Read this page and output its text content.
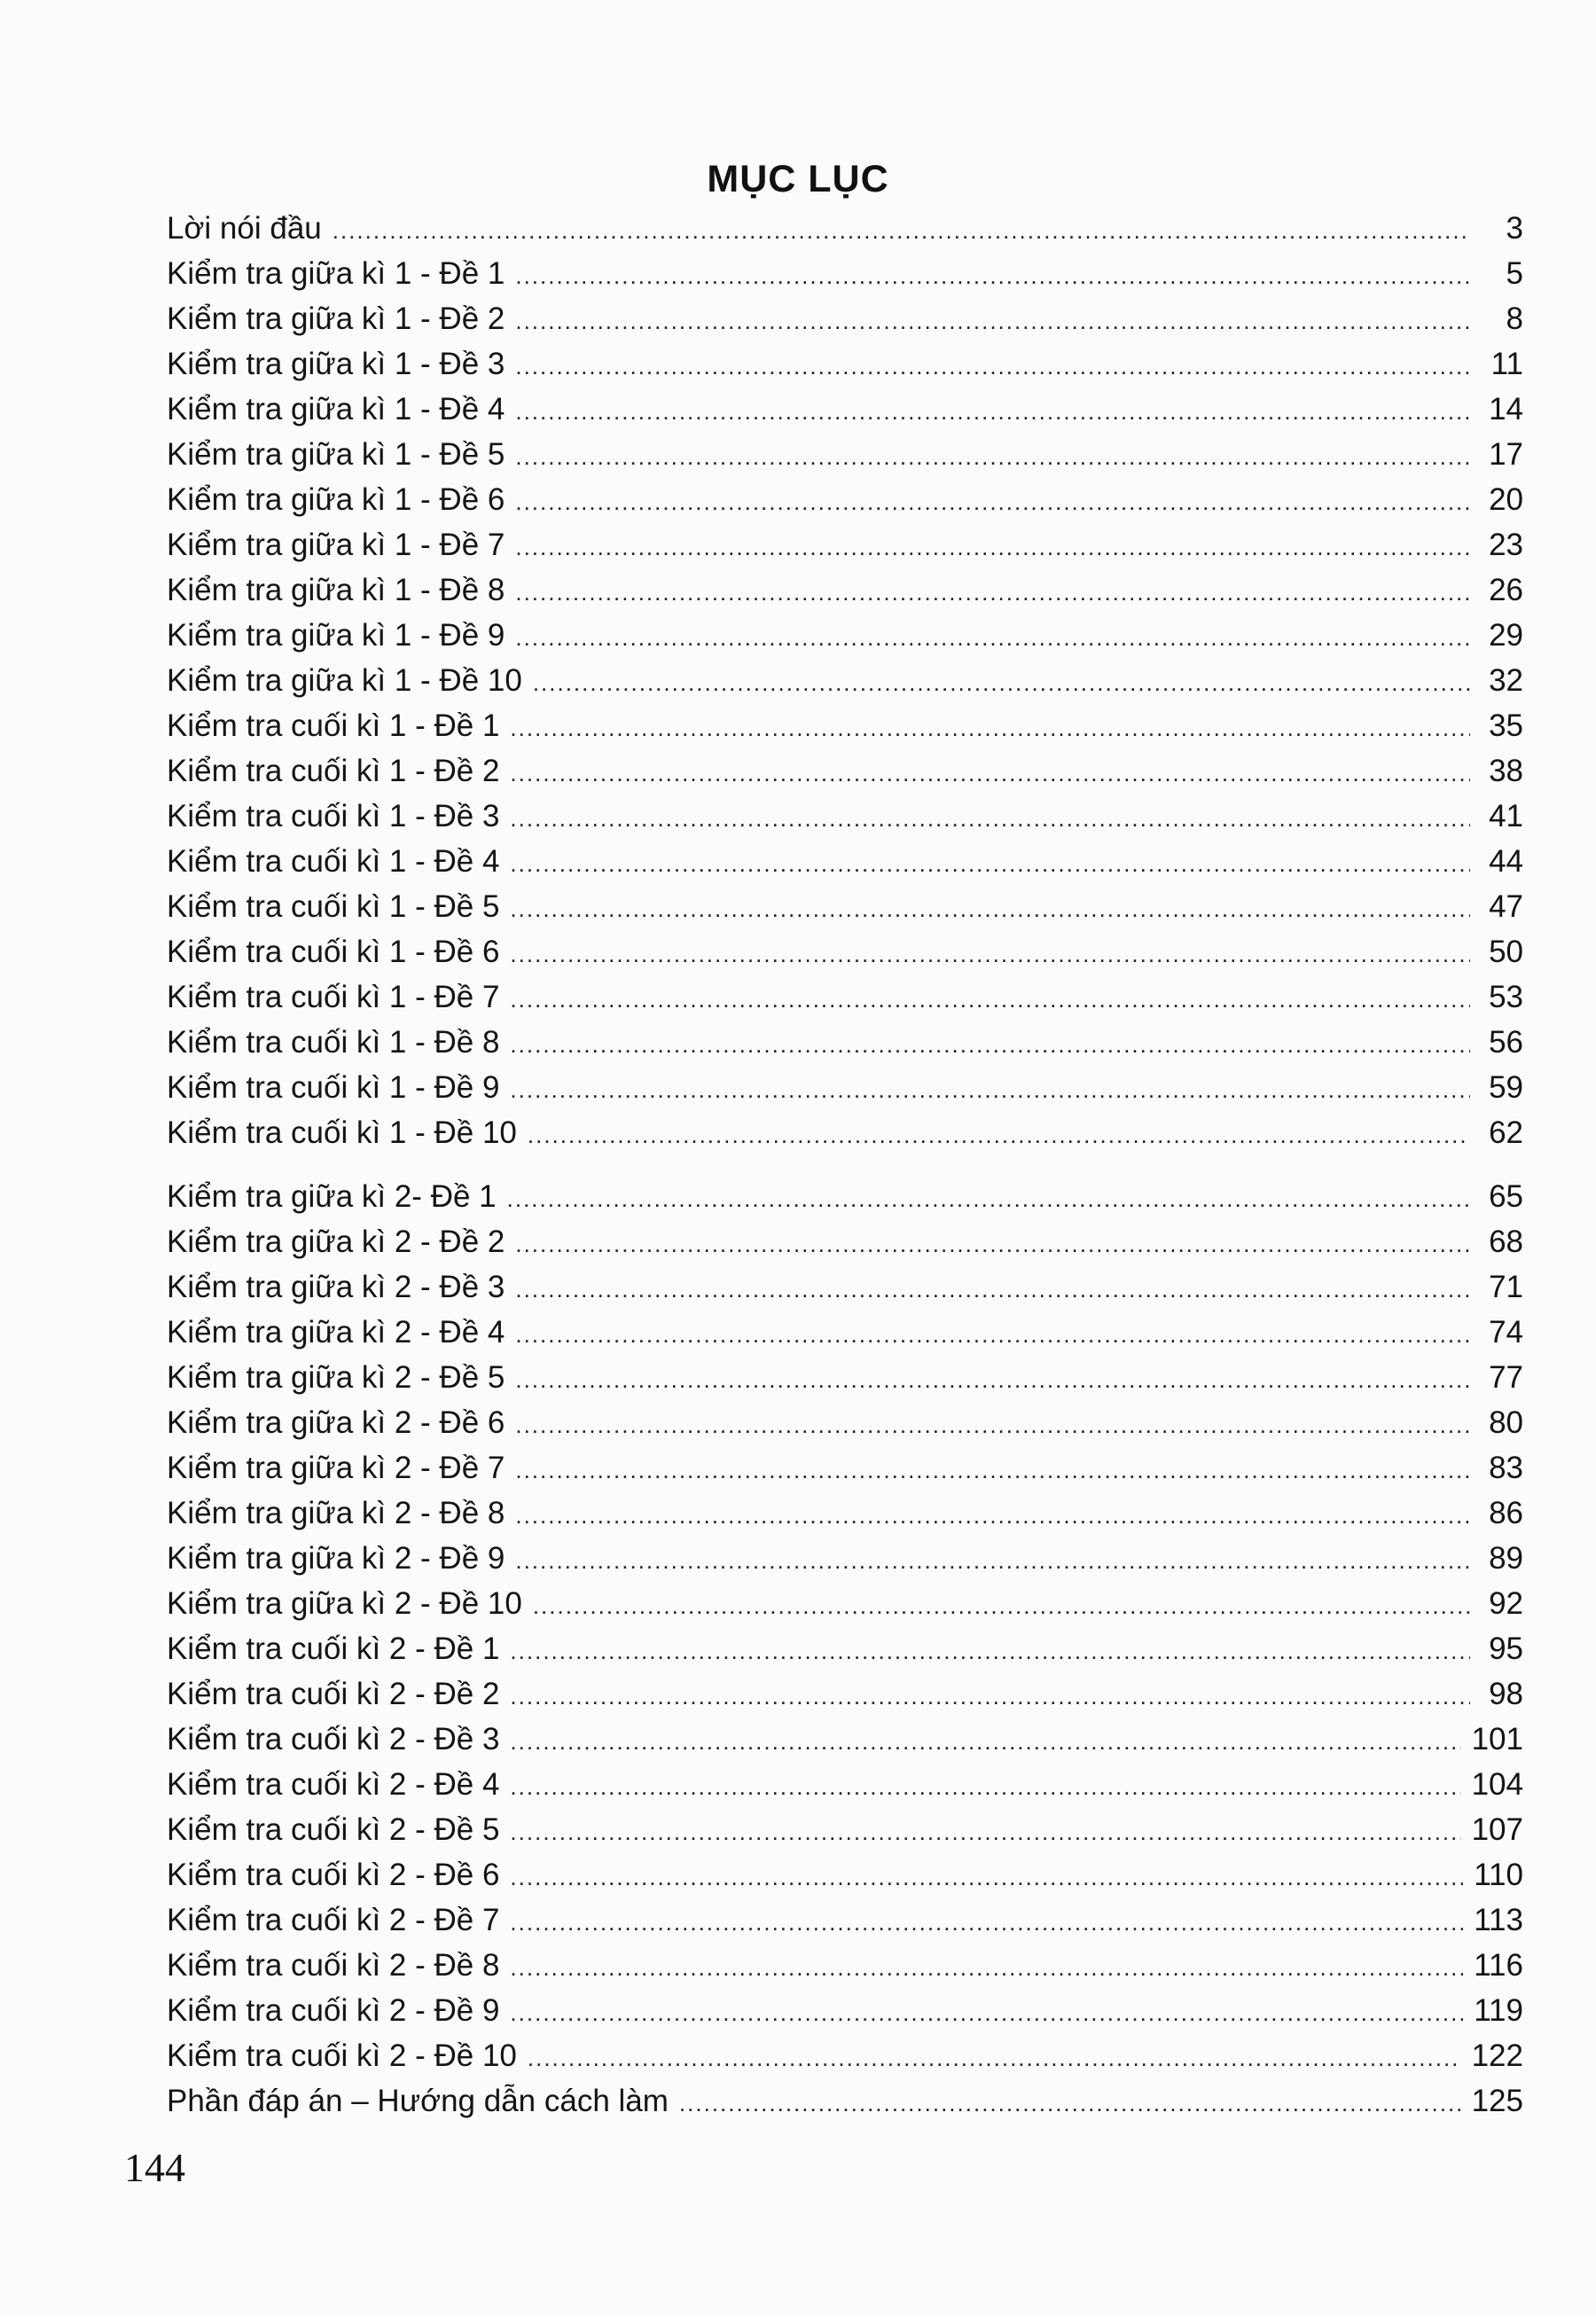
MỤC LỤC
Lời nói đầu .....	3
Kiểm tra giữa kì 1 - Đề 1 .....	5
Kiểm tra giữa kì 1 - Đề 2 .....	8
Kiểm tra giữa kì 1 - Đề 3 .....	11
Kiểm tra giữa kì 1 - Đề 4 .....	14
Kiểm tra giữa kì 1 - Đề 5 .....	17
Kiểm tra giữa kì 1 - Đề 6 .....	20
Kiểm tra giữa kì 1 - Đề 7 .....	23
Kiểm tra giữa kì 1 - Đề 8 .....	26
Kiểm tra giữa kì 1 - Đề 9 .....	29
Kiểm tra giữa kì 1 - Đề 10 .....	32
Kiểm tra cuối kì 1 - Đề 1 .....	35
Kiểm tra cuối kì 1 - Đề 2 .....	38
Kiểm tra cuối kì 1 - Đề 3 .....	41
Kiểm tra cuối kì 1 - Đề 4 .....	44
Kiểm tra cuối kì 1 - Đề 5 .....	47
Kiểm tra cuối kì 1 - Đề 6 .....	50
Kiểm tra cuối kì 1 - Đề 7 .....	53
Kiểm tra cuối kì 1 - Đề 8 .....	56
Kiểm tra cuối kì 1 - Đề 9 .....	59
Kiểm tra cuối kì 1 - Đề 10 .....	62
Kiểm tra giữa kì 2- Đề 1 .....	65
Kiểm tra giữa kì 2 - Đề 2 .....	68
Kiểm tra giữa kì 2 - Đề 3 .....	71
Kiểm tra giữa kì 2 - Đề 4 .....	74
Kiểm tra giữa kì 2 - Đề 5 .....	77
Kiểm tra giữa kì 2 - Đề 6 .....	80
Kiểm tra giữa kì 2 - Đề 7 .....	83
Kiểm tra giữa kì 2 - Đề 8 .....	86
Kiểm tra giữa kì 2 - Đề 9 .....	89
Kiểm tra giữa kì 2 - Đề 10 .....	92
Kiểm tra cuối kì 2 - Đề 1 .....	95
Kiểm tra cuối kì 2 - Đề 2 .....	98
Kiểm tra cuối kì 2 - Đề 3 .....	101
Kiểm tra cuối kì 2 - Đề 4 .....	104
Kiểm tra cuối kì 2 - Đề 5 .....	107
Kiểm tra cuối kì 2 - Đề 6 .....	110
Kiểm tra cuối kì 2 - Đề 7 .....	113
Kiểm tra cuối kì 2 - Đề 8 .....	116
Kiểm tra cuối kì 2 - Đề 9 .....	119
Kiểm tra cuối kì 2 - Đề 10 .....	122
Phần đáp án – Hướng dẫn cách làm .....	125
144
